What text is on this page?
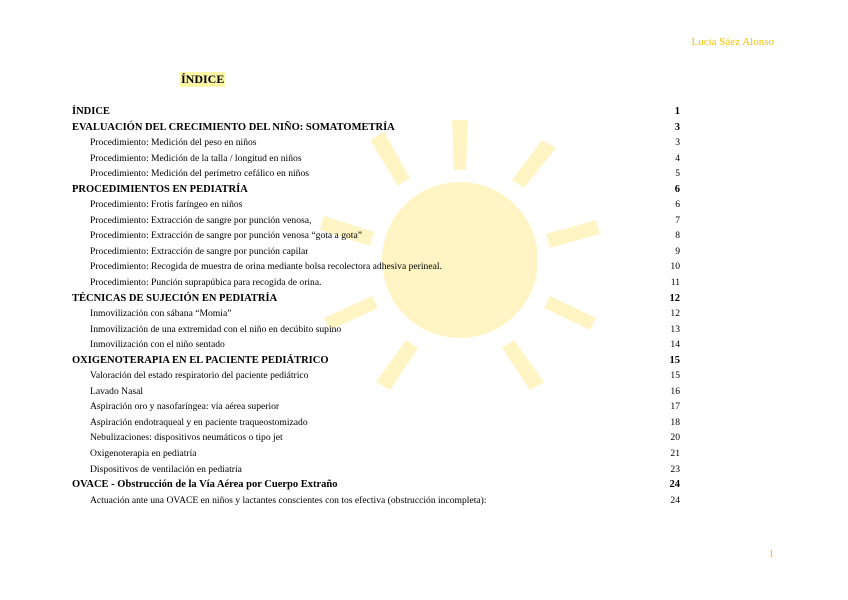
Lucía Sáez Alonso
ÍNDICE
ÍNDICE	1
EVALUACIÓN DEL CRECIMIENTO DEL NIÑO: SOMATOMETRÍA	3
Procedimiento: Medición del peso en niños	3
Procedimiento: Medición de la talla / longitud en niños	4
Procedimiento: Medición del perímetro cefálico en niños	5
PROCEDIMIENTOS EN PEDIATRÍA	6
Procedimiento: Frotis faríngeo en niños	6
Procedimiento: Extracción de sangre por punción venosa,	7
Procedimiento: Extracción de sangre por punción venosa “gota a gota”	8
Procedimiento: Extracción de sangre por punción capilar	9
Procedimiento: Recogida de muestra de orina mediante bolsa recolectora adhesiva perineal.	10
Procedimiento: Punción suprapúbica para recogida de orina.	11
TÉCNICAS DE SUJECIÓN EN PEDIATRÍA	12
Inmovilización con sábana “Momia”	12
Inmovilización de una extremidad con el niño en decúbito supino	13
Inmovilización con el niño sentado	14
OXIGENOTERAPIA EN EL PACIENTE PEDIÁTRICO	15
Valoración del estado respiratorio del paciente pediátrico	15
Lavado Nasal	16
Aspiración oro y nasofaríngea: vía aérea superior	17
Aspiración endotraqueal y en paciente traqueostomizado	18
Nebulizaciones: dispositivos neumáticos o tipo jet	20
Oxigenoterapia en pediatría	21
Dispositivos de ventilación en pediatría	23
OVACE - Obstrucción de la Vía Aérea por Cuerpo Extraño	24
Actuación ante una OVACE en niños y lactantes conscientes con tos efectiva (obstrucción incompleta):	24
1
